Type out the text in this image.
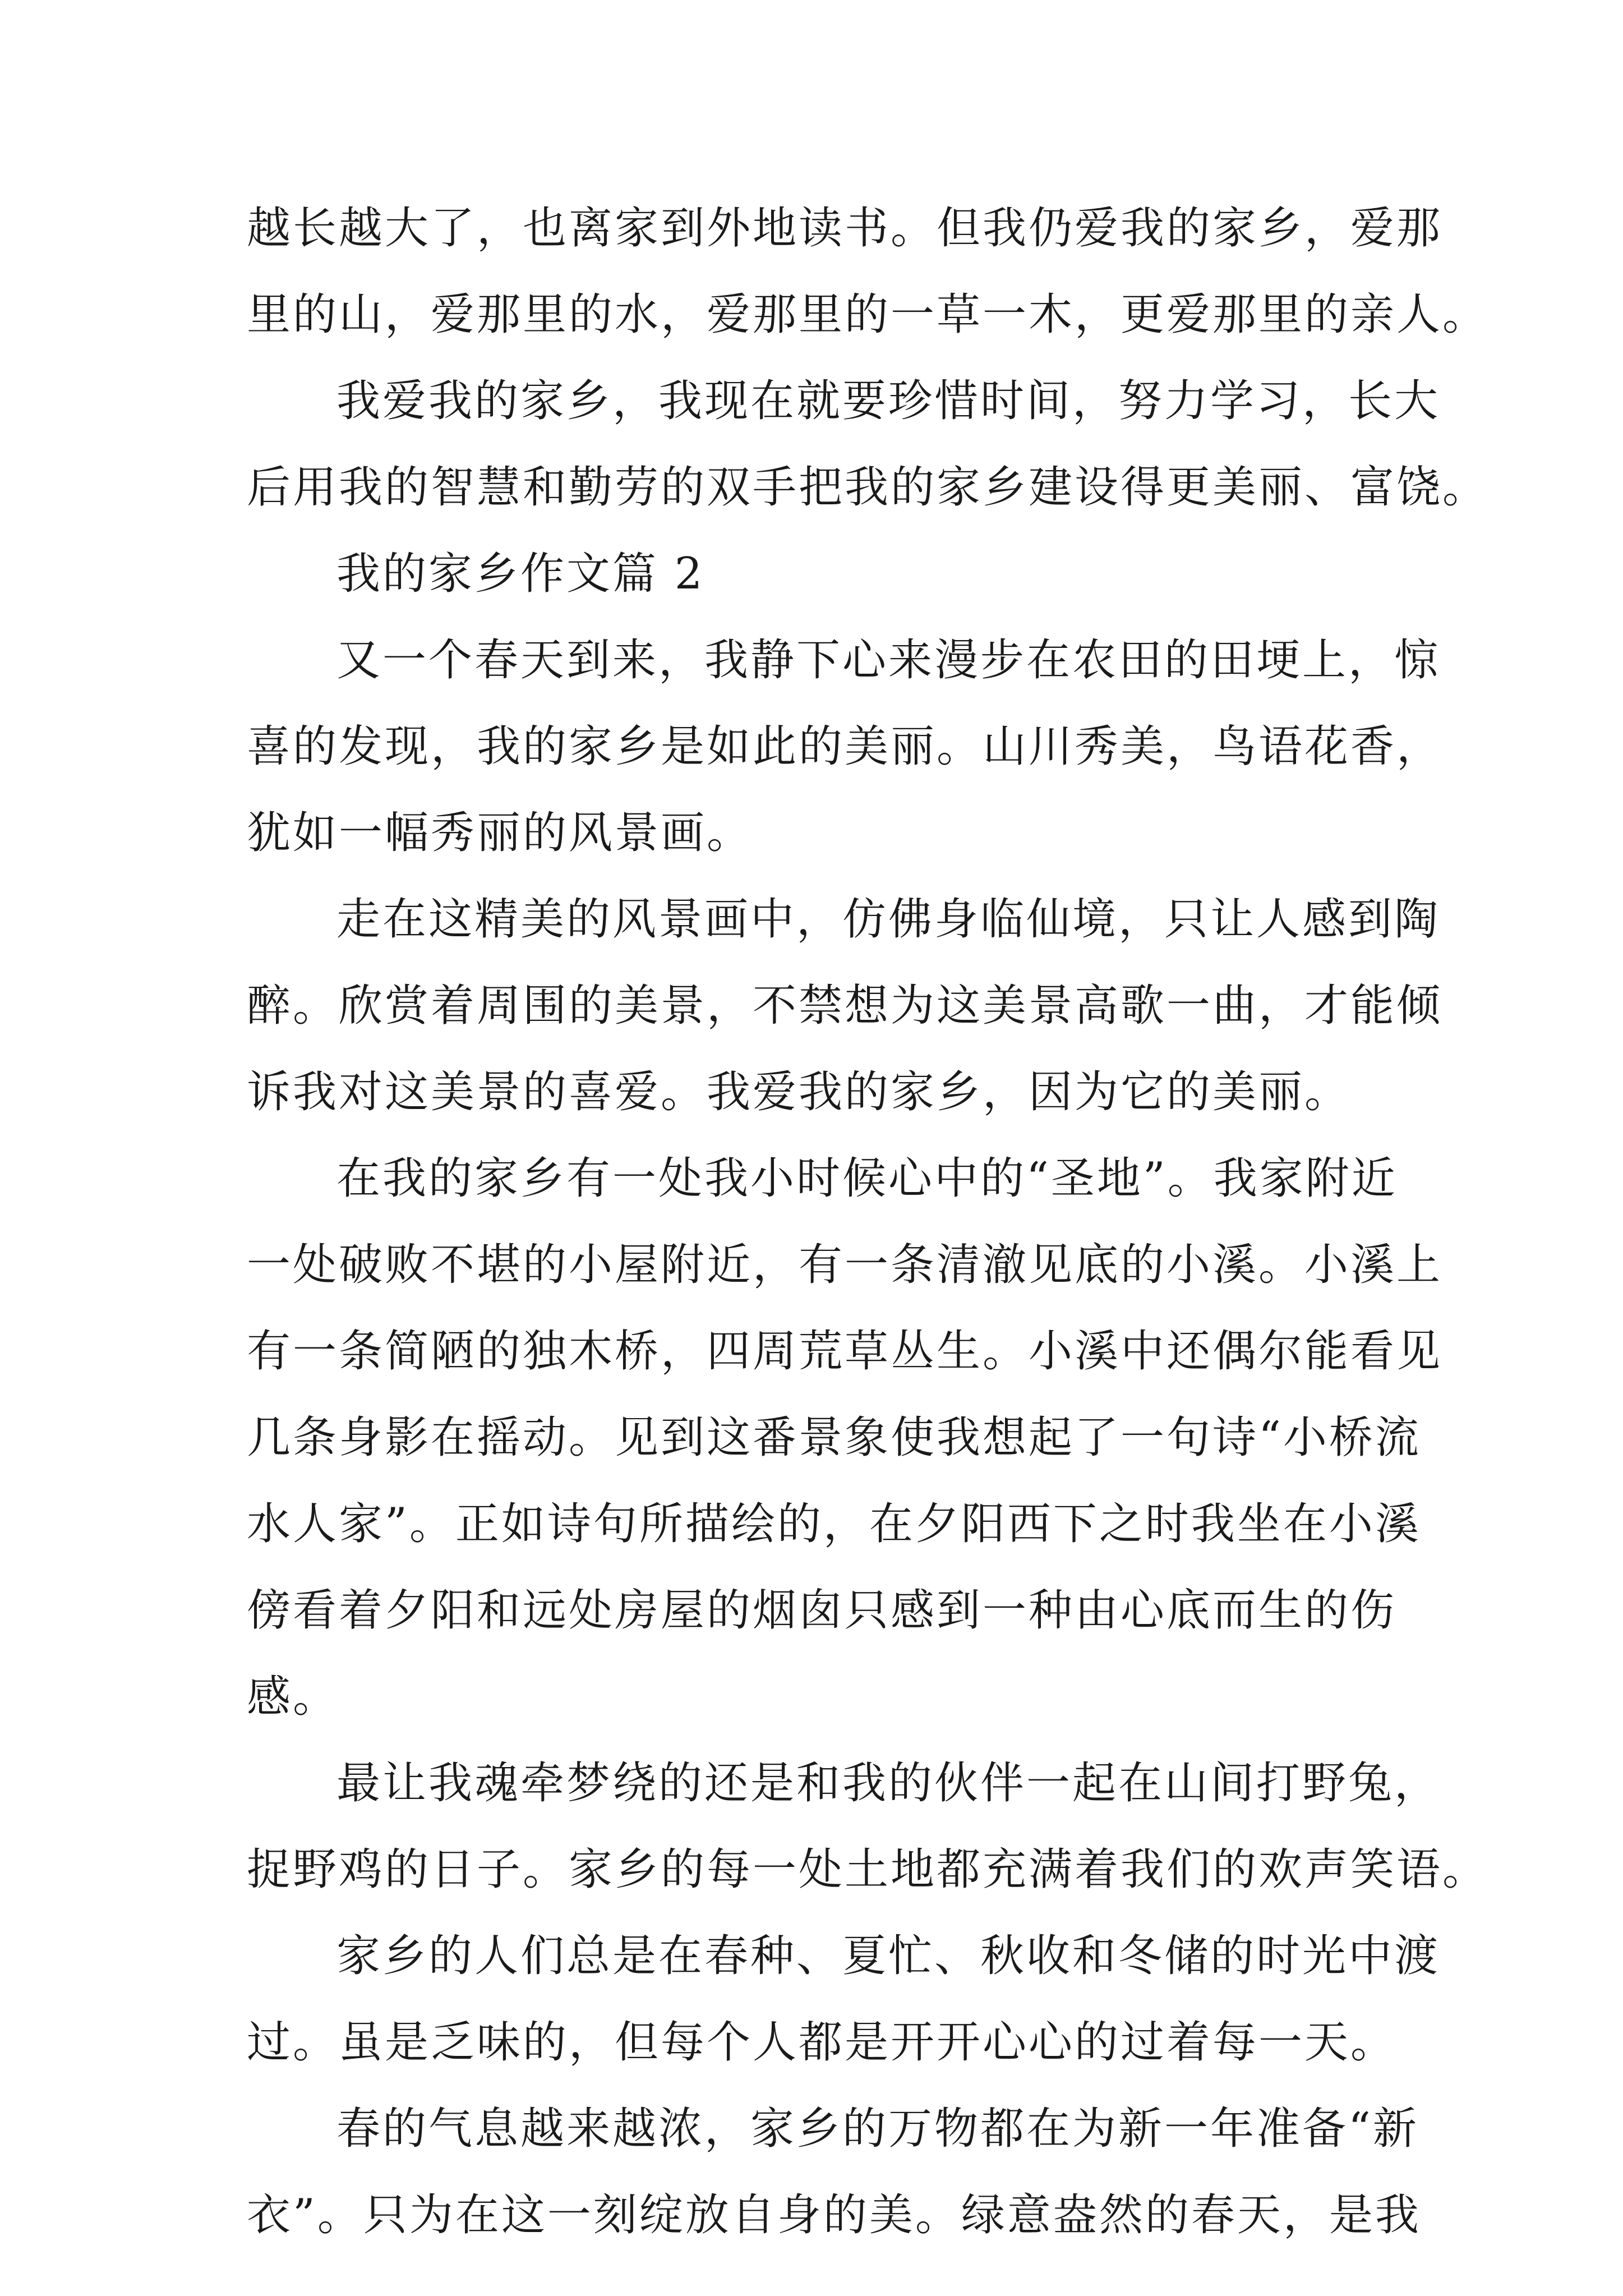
越长越大了，也离家到外地读书。但我仍爱我的家乡，爱那
里的山，爱那里的水，爱那里的一草一木，更爱那里的亲人。
我爱我的家乡，我现在就要珍惜时间，努力学习，长大
后用我的智慧和勤劳的双手把我的家乡建设得更美丽、富饶。
我的家乡作文篇 2
又一个春天到来，我静下心来漫步在农田的田埂上，惊
喜的发现，我的家乡是如此的美丽。山川秀美，鸟语花香，
犹如一幅秀丽的风景画。
走在这精美的风景画中，仿佛身临仙境，只让人感到陶
醉。欣赏着周围的美景，不禁想为这美景高歌一曲，才能倾
诉我对这美景的喜爱。我爱我的家乡，因为它的美丽。
在我的家乡有一处我小时候心中的“圣地”。我家附近
一处破败不堪的小屋附近，有一条清澈见底的小溪。小溪上
有一条简陋的独木桥，四周荒草丛生。小溪中还偶尔能看见
几条身影在摇动。见到这番景象使我想起了一句诗“小桥流
水人家”。正如诗句所描绘的，在夕阳西下之时我坐在小溪
傍看着夕阳和远处房屋的烟囱只感到一种由心底而生的伤
感。
最让我魂牵梦绕的还是和我的伙伴一起在山间打野兔，
捉野鸡的日子。家乡的每一处土地都充满着我们的欢声笑语。
家乡的人们总是在春种、夏忙、秋收和冬储的时光中渡
过。虽是乏味的，但每个人都是开开心心的过着每一天。
春的气息越来越浓，家乡的万物都在为新一年准备“新
衣”。只为在这一刻绽放自身的美。绿意盎然的春天，是我
